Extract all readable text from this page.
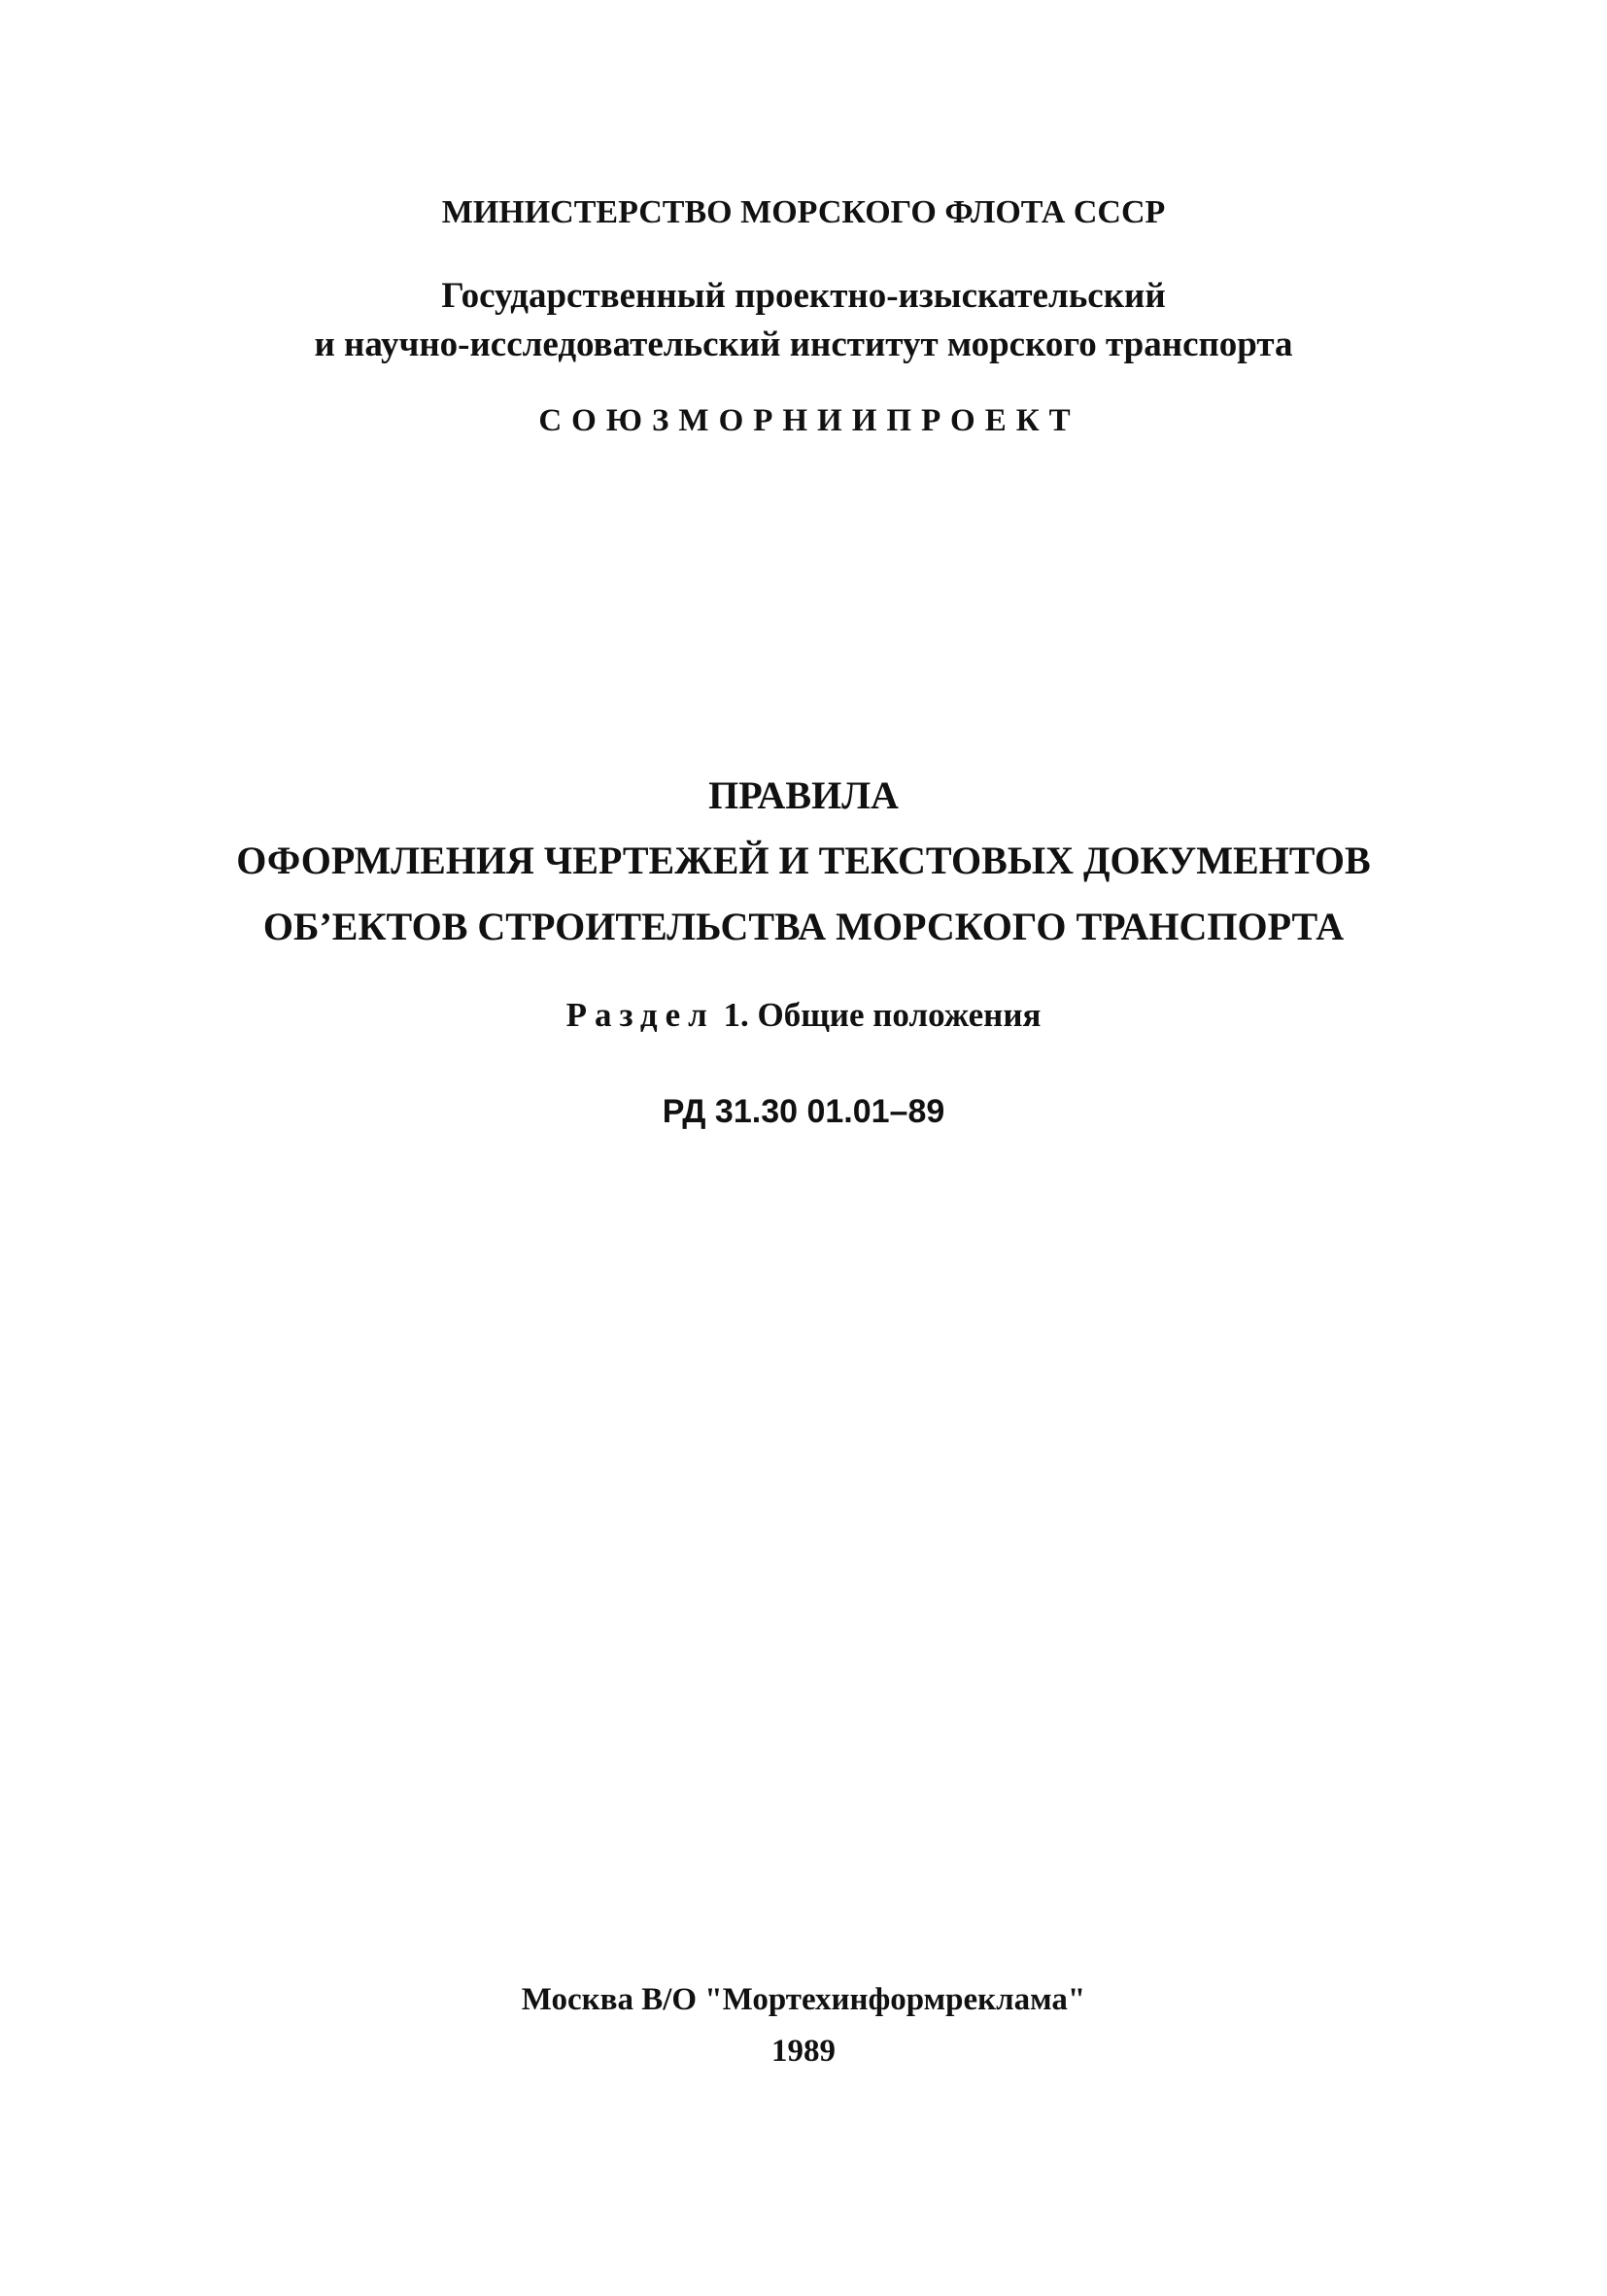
МИНИСТЕРСТВО МОРСКОГО ФЛОТА СССР
Государственный проектно-изыскательский
и научно-исследовательский институт морского транспорта
СОЮЗМОРНИИПРОЕКТ
ПРАВИЛА
ОФОРМЛЕНИЯ ЧЕРТЕЖЕЙ И ТЕКСТОВЫХ ДОКУМЕНТОВ
ОБ’ЕКТОВ СТРОИТЕЛЬСТВА МОРСКОГО ТРАНСПОРТА
Раздел 1. Общие положения
РД 31.30 01.01–89
Москва В/О "Мортехинформреклама"
1989
